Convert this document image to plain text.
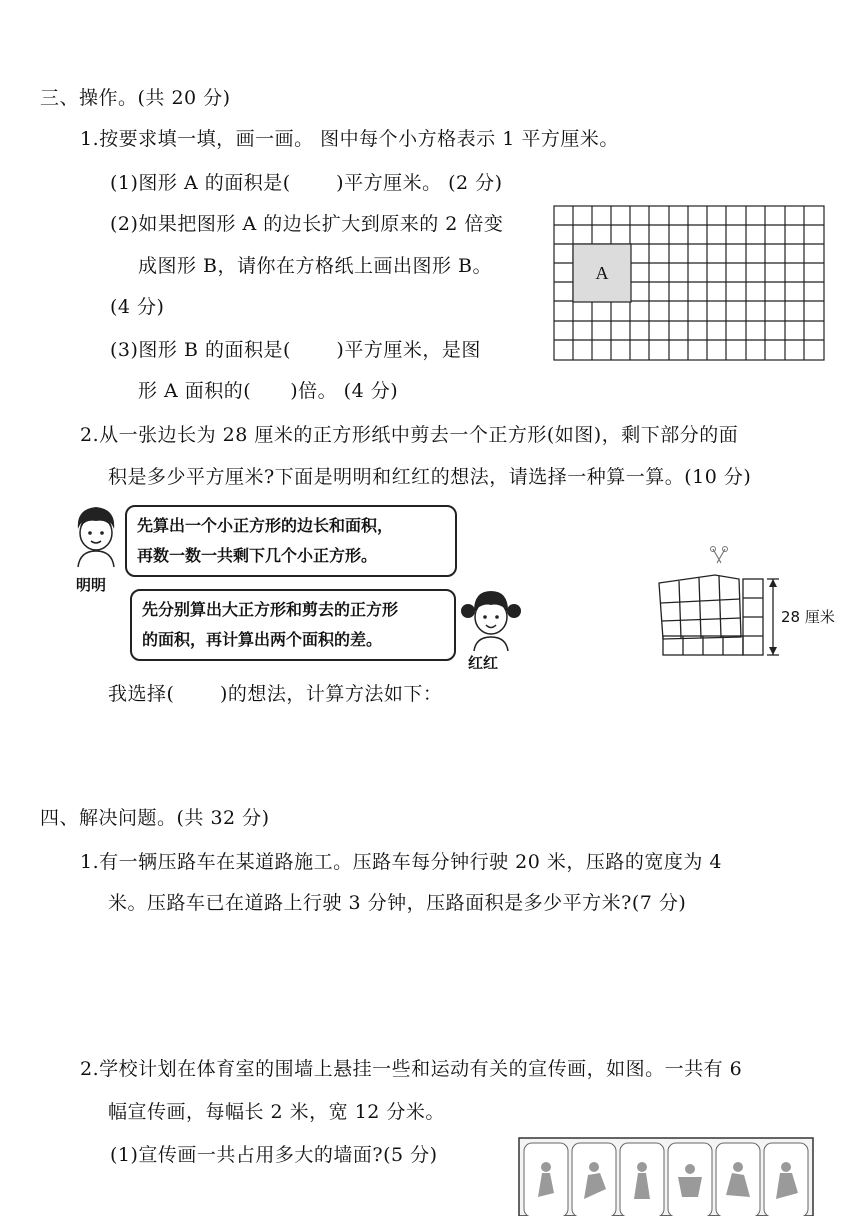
三、操作。(共 20 分)
1.按要求填一填，画一画。 图中每个小方格表示 1 平方厘米。
(1)图形 A 的面积是(　　 )平方厘米。 (2 分)
(2)如果把图形 A 的边长扩大到原来的 2 倍变
成图形 B，请你在方格纸上画出图形 B。
(4 分)
(3)图形 B 的面积是(　　 )平方厘米，是图
形 A 面积的(　　)倍。 (4 分)
A
2.从一张边长为 28 厘米的正方形纸中剪去一个正方形(如图)，剩下部分的面
积是多少平方厘米?下面是明明和红红的想法，请选择一种算一算。(10 分)
明明
先算出一个小正方形的边长和面积，
再数一数一共剩下几个小正方形。
先分别算出大正方形和剪去的正方形
的面积，再计算出两个面积的差。
红红
28 厘米
我选择(　　 )的想法，计算方法如下：
四、解决问题。(共 32 分)
1.有一辆压路车在某道路施工。压路车每分钟行驶 20 米，压路的宽度为 4
米。压路车已在道路上行驶 3 分钟，压路面积是多少平方米?(7 分)
2.学校计划在体育室的围墙上悬挂一些和运动有关的宣传画，如图。一共有 6
幅宣传画，每幅长 2 米，宽 12 分米。
(1)宣传画一共占用多大的墙面?(5 分)
